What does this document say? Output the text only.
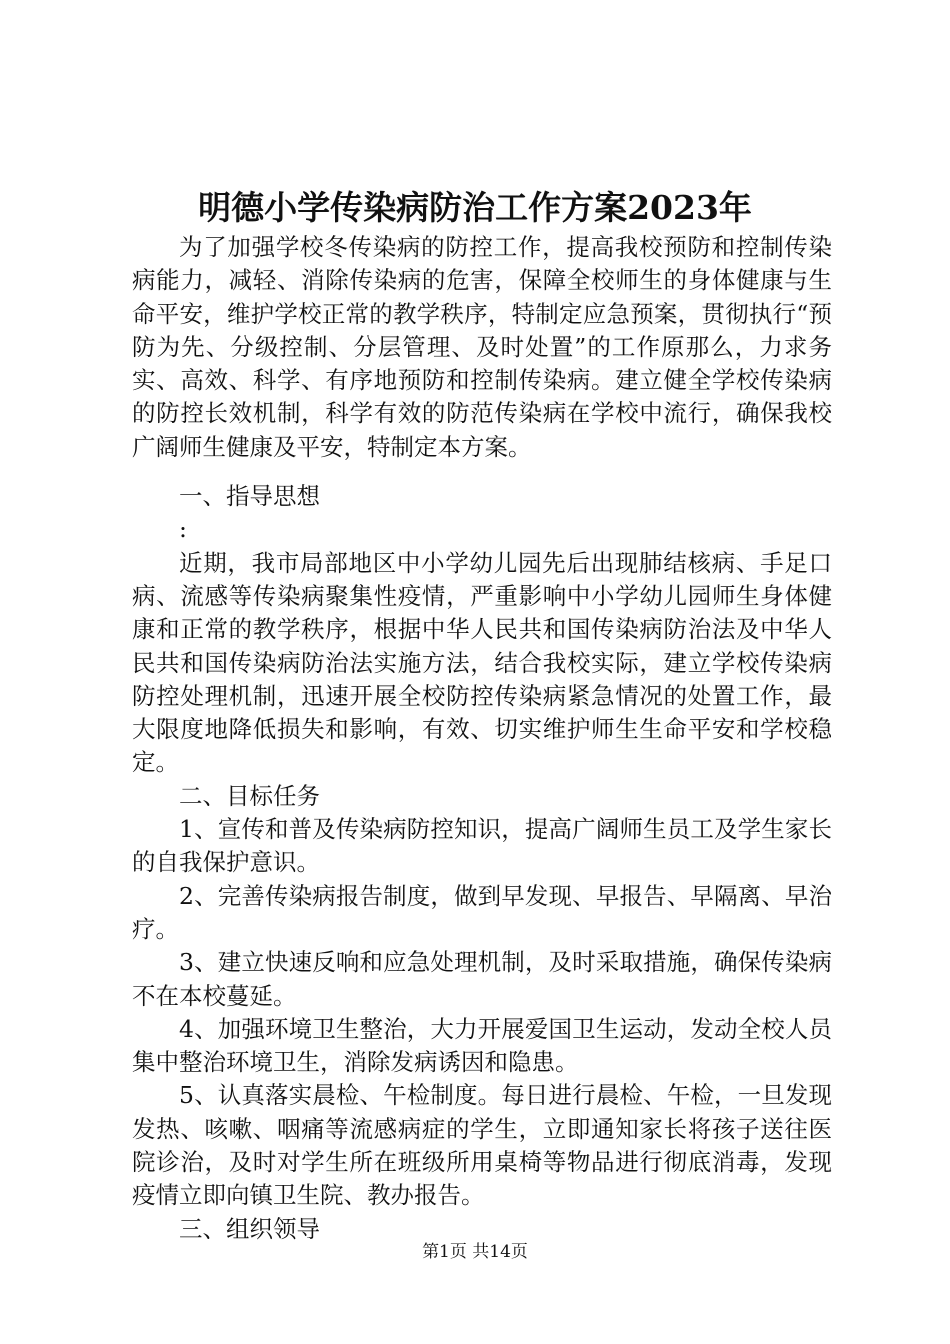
明德小学传染病防治工作方案2023年

为了加强学校冬传染病的防控工作，提高我校预防和控制传染病能力，减轻、消除传染病的危害，保障全校师生的身体健康与生命平安，维护学校正常的教学秩序，特制定应急预案，贯彻执行“预防为先、分级控制、分层管理、及时处置”的工作原那么，力求务实、高效、科学、有序地预防和控制传染病。建立健全学校传染病的防控长效机制，科学有效的防范传染病在学校中流行，确保我校广阔师生健康及平安，特制定本方案。

一、指导思想

:

近期，我市局部地区中小学幼儿园先后出现肺结核病、手足口病、流感等传染病聚集性疫情，严重影响中小学幼儿园师生身体健康和正常的教学秩序，根据中华人民共和国传染病防治法及中华人民共和国传染病防治法实施方法，结合我校实际，建立学校传染病防控处理机制，迅速开展全校防控传染病紧急情况的处置工作，最大限度地降低损失和影响，有效、切实维护师生生命平安和学校稳定。

二、目标任务

1、宣传和普及传染病防控知识，提高广阔师生员工及学生家长的自我保护意识。

2、完善传染病报告制度，做到早发现、早报告、早隔离、早治疗。

3、建立快速反响和应急处理机制，及时采取措施，确保传染病不在本校蔓延。

4、加强环境卫生整治，大力开展爱国卫生运动，发动全校人员集中整治环境卫生，消除发病诱因和隐患。

5、认真落实晨检、午检制度。每日进行晨检、午检，一旦发现发热、咳嗽、咽痛等流感病症的学生，立即通知家长将孩子送往医院诊治，及时对学生所在班级所用桌椅等物品进行彻底消毒，发现疫情立即向镇卫生院、教办报告。

三、组织领导

第1页 共14页
